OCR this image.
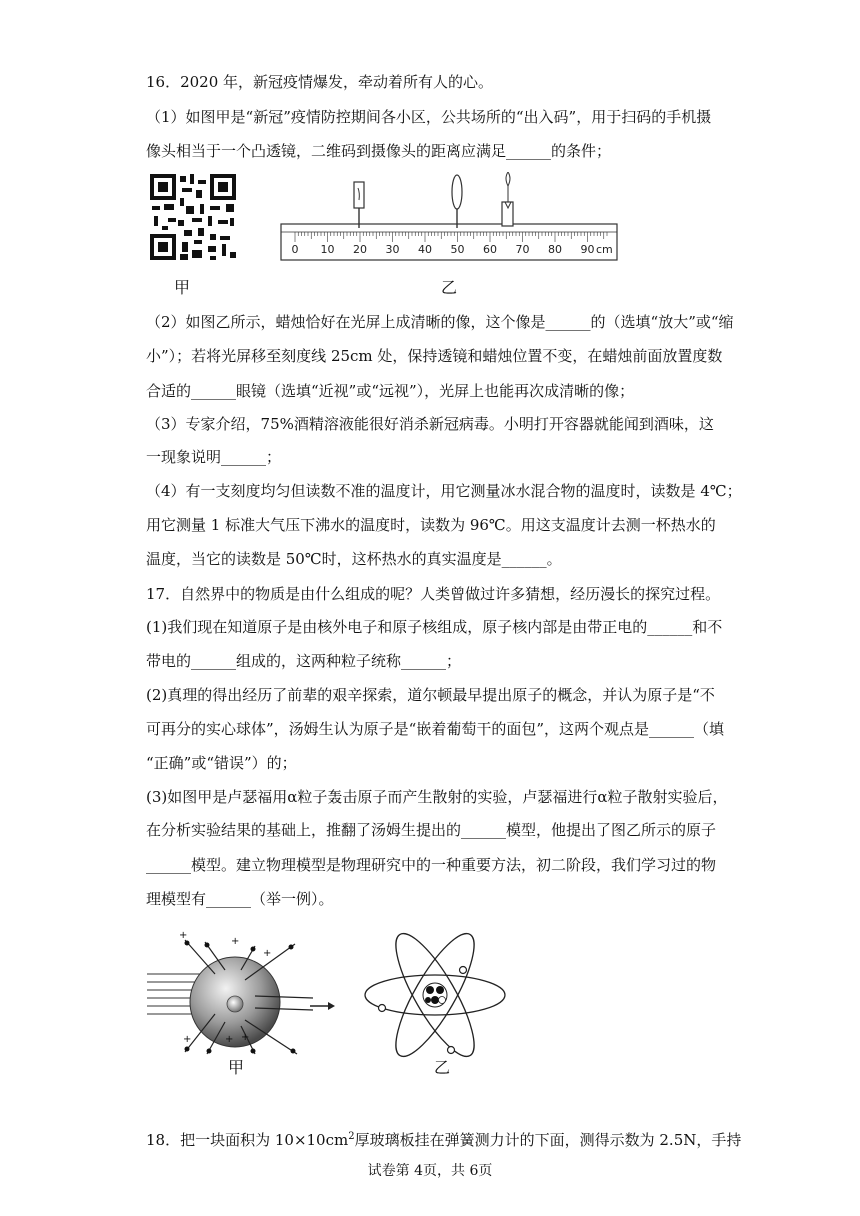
16．2020 年，新冠疫情爆发，牵动着所有人的心。
（1）如图甲是“新冠”疫情防控期间各小区，公共场所的“出入码”，用于扫码的手机摄
像头相当于一个凸透镜，二维码到摄像头的距离应满足______的条件；
甲
0 10 20 30 40 50 60 70 80 90 cm
乙
（2）如图乙所示，蜡烛恰好在光屏上成清晰的像，这个像是______的（选填“放大”或“缩
小”）；若将光屏移至刻度线 25cm 处，保持透镜和蜡烛位置不变，在蜡烛前面放置度数
合适的______眼镜（选填“近视”或“远视”），光屏上也能再次成清晰的像；
（3）专家介绍，75%酒精溶液能很好消杀新冠病毒。小明打开容器就能闻到酒味，这
一现象说明______；
（4）有一支刻度均匀但读数不准的温度计，用它测量冰水混合物的温度时，读数是 4℃；
用它测量 1 标准大气压下沸水的温度时，读数为 96℃。用这支温度计去测一杯热水的
温度，当它的读数是 50℃时，这杯热水的真实温度是______。
17．自然界中的物质是由什么组成的呢？人类曾做过许多猜想，经历漫长的探究过程。
(1)我们现在知道原子是由核外电子和原子核组成，原子核内部是由带正电的______和不
带电的______组成的，这两种粒子统称______；
(2)真理的得出经历了前辈的艰辛探索，道尔顿最早提出原子的概念，并认为原子是“不
可再分的实心球体”，汤姆生认为原子是“嵌着葡萄干的面包”，这两个观点是______（填
“正确”或“错误”）的；
(3)如图甲是卢瑟福用α粒子轰击原子而产生散射的实验，卢瑟福进行α粒子散射实验后，
在分析实验结果的基础上，推翻了汤姆生提出的______模型，他提出了图乙所示的原子
______模型。建立物理模型是物理研究中的一种重要方法，初二阶段，我们学习过的物
理模型有______（举一例）。
+
+
+
+	+ +
甲	乙
18．把一块面积为 $10\times 10cm^2$厚玻璃板挂在弹簧测力计的下面，测得示数为 2.5N，手持
试卷第 4页，共 6页
